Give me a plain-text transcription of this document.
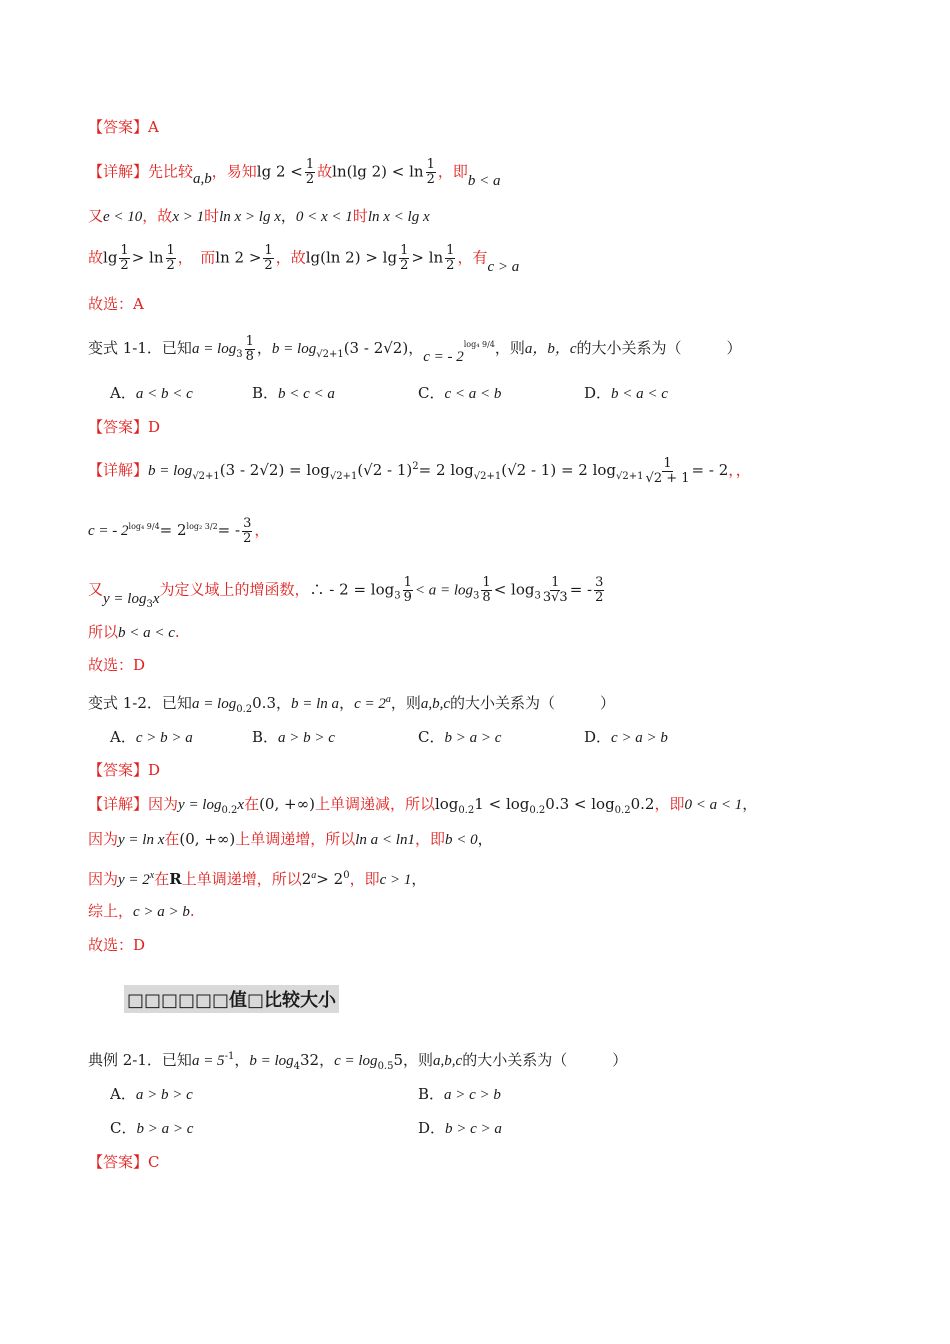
【答案】A
【详解】先比较a,b，易知$\lg 2 < \frac{1}{2}$ 故ln(lg $2) < \ln \frac{1}{2}$ ，即b < a
又e < 10，故x > 1时ln x > lg x，0 < x < 1时ln x < lg x
故$\lg \frac{1}{2} > \ln \frac{1}{2}$ ，　而$\ln 2 > \frac{1}{2}$ ，故lg(ln $2) > \lg \frac{1}{2} > \ln \frac{1}{2}$ ，有c > a
故选：A
变式 1-1．已知$a = \log_3 \frac{1}{8}$ ，$b = \log_{√2+1}(3 - 2√2)$，c = - $2^{log_4 9/4}$，则a，b，c的大小关系为（　　　）
A．a < b < c	B．b < c < a	C．c < a < b	D．b < a < c
【答案】D
【详解】$b = \log_{√2+1}(3 - 2√2) = \log_{√2+1}(√2 - 1)^2= 2$ $\log_{√2+1}(√2 - 1) = 2$ $\log_{√2+1} \frac{1}{√2 + 1}$ = - 2，，
c = - $2^{log_4 9/4}= 2^{log_2 3/2}= - \frac{3}{2}$ ，
又$y = \log_3x$为定义域上的增函数，∴ - $2 = \log_3 \frac{1}{9} < a = \log_3 \frac{1}{8} < \log_3 \frac{1}{3√3}$ = - $\frac{3}{2}$
所以b < a < c.
故选：D
变式 1-2．已知$a = \log_{0.2}0.3$，b = ln a，$c = 2^a$，则a,b,c的大小关系为（　　　）
A．c > b > a	B．a > b > c	C．b > a > c	D．c > a > b
【答案】D
【详解】因为$y = \log_{0.2}x$在(0, +∞)上单调递减，所以$\log_{0.2}1 < \log_{0.2}0.3 < \log_{0.2}0.2$，即0 < a < 1，
因为y = ln x在(0, +∞)上单调递增，所以ln a < ln1，即b < 0，
因为$y = 2^x$在R上单调递增，所以$2^a> 2^0$，即c > 1，
综上，c > a > b.
故选：D
□□□□□□值□比较大小
典例 2-1．已知$a = 5^{-1}$，$b = \log_432$，$c = \log_{0.5}5$，则a,b,c的大小关系为（　　　）
A．a > b > c	B．a > c > b
C．b > a > c	D．b > c > a
【答案】C
